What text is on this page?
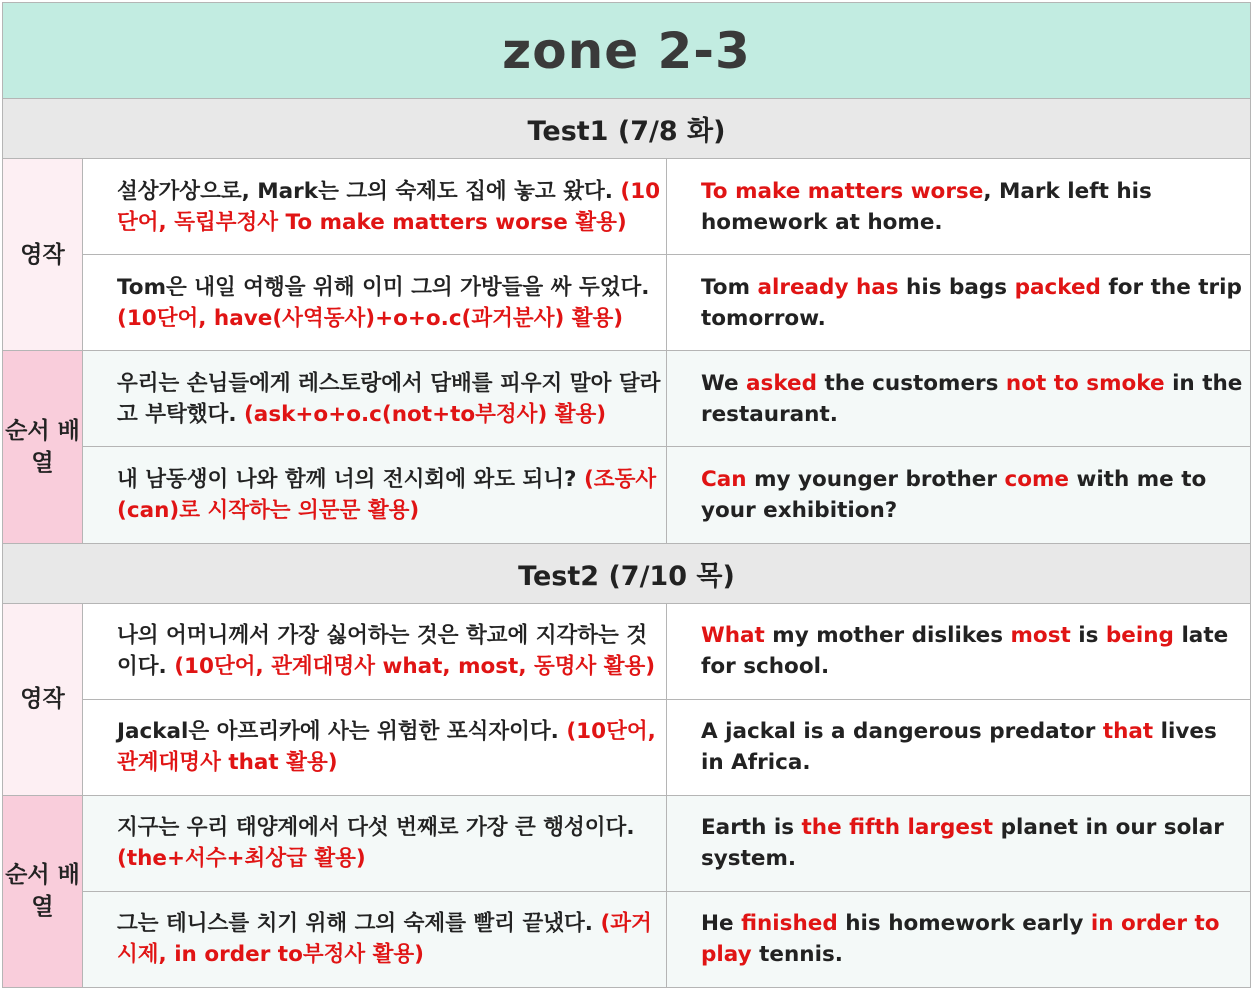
zone 2-3		
Test1 (7/8 화)		
영작	설상가상으로, Mark는 그의 숙제도 집에 놓고 왔다. (10단어, 독립부정사 To make matters worse 활용)	To make matters worse, Mark left his homework at home.
	Tom은 내일 여행을 위해 이미 그의 가방들을 싸 두었다. (10단어, have(사역동사)+o+o.c(과거분사) 활용)	Tom already has his bags packed for the trip tomorrow.
순서 배열	우리는 손님들에게 레스토랑에서 담배를 피우지 말아 달라고 부탁했다. (ask+o+o.c(not+to부정사) 활용)	We asked the customers not to smoke in the restaurant.
	내 남동생이 나와 함께 너의 전시회에 와도 되니? (조동사(can)로 시작하는 의문문 활용)	Can my younger brother come with me to your exhibition?
Test2 (7/10 목)		
영작	나의 어머니께서 가장 싫어하는 것은 학교에 지각하는 것이다. (10단어, 관계대명사 what, most, 동명사 활용)	What my mother dislikes most is being late for school.
	Jackal은 아프리카에 사는 위험한 포식자이다. (10단어, 관계대명사 that 활용)	A jackal is a dangerous predator that lives in Africa.
순서 배열	지구는 우리 태양계에서 다섯 번째로 가장 큰 행성이다. (the+서수+최상급 활용)	Earth is the fifth largest planet in our solar system.
	그는 테니스를 치기 위해 그의 숙제를 빨리 끝냈다. (과거시제, in order to부정사 활용)	He finished his homework early in order to play tennis.
